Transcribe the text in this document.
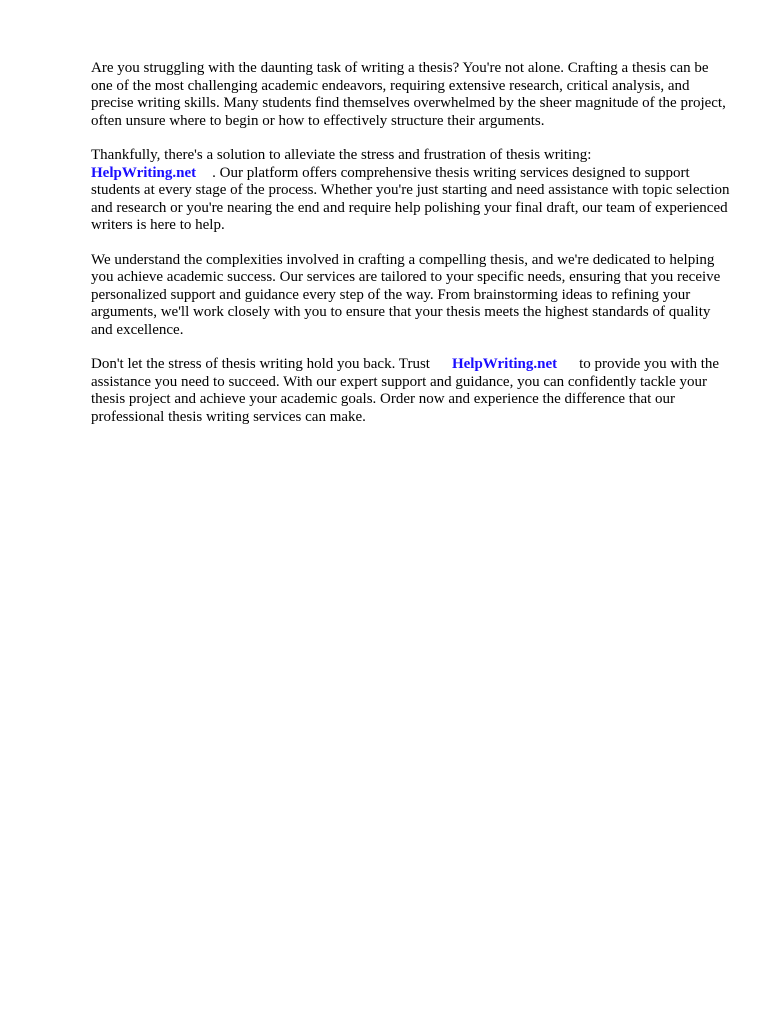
Are you struggling with the daunting task of writing a thesis? You're not alone. Crafting a thesis can be one of the most challenging academic endeavors, requiring extensive research, critical analysis, and precise writing skills. Many students find themselves overwhelmed by the sheer magnitude of the project, often unsure where to begin or how to effectively structure their arguments.

Thankfully, there's a solution to alleviate the stress and frustration of thesis writing:
HelpWriting.net . Our platform offers comprehensive thesis writing services designed to support students at every stage of the process. Whether you're just starting and need assistance with topic selection and research or you're nearing the end and require help polishing your final draft, our team of experienced writers is here to help.

We understand the complexities involved in crafting a compelling thesis, and we're dedicated to helping you achieve academic success. Our services are tailored to your specific needs, ensuring that you receive personalized support and guidance every step of the way. From brainstorming ideas to refining your arguments, we'll work closely with you to ensure that your thesis meets the highest standards of quality and excellence.

Don't let the stress of thesis writing hold you back. Trust HelpWriting.net to provide you with the assistance you need to succeed. With our expert support and guidance, you can confidently tackle your thesis project and achieve your academic goals. Order now and experience the difference that our professional thesis writing services can make.
